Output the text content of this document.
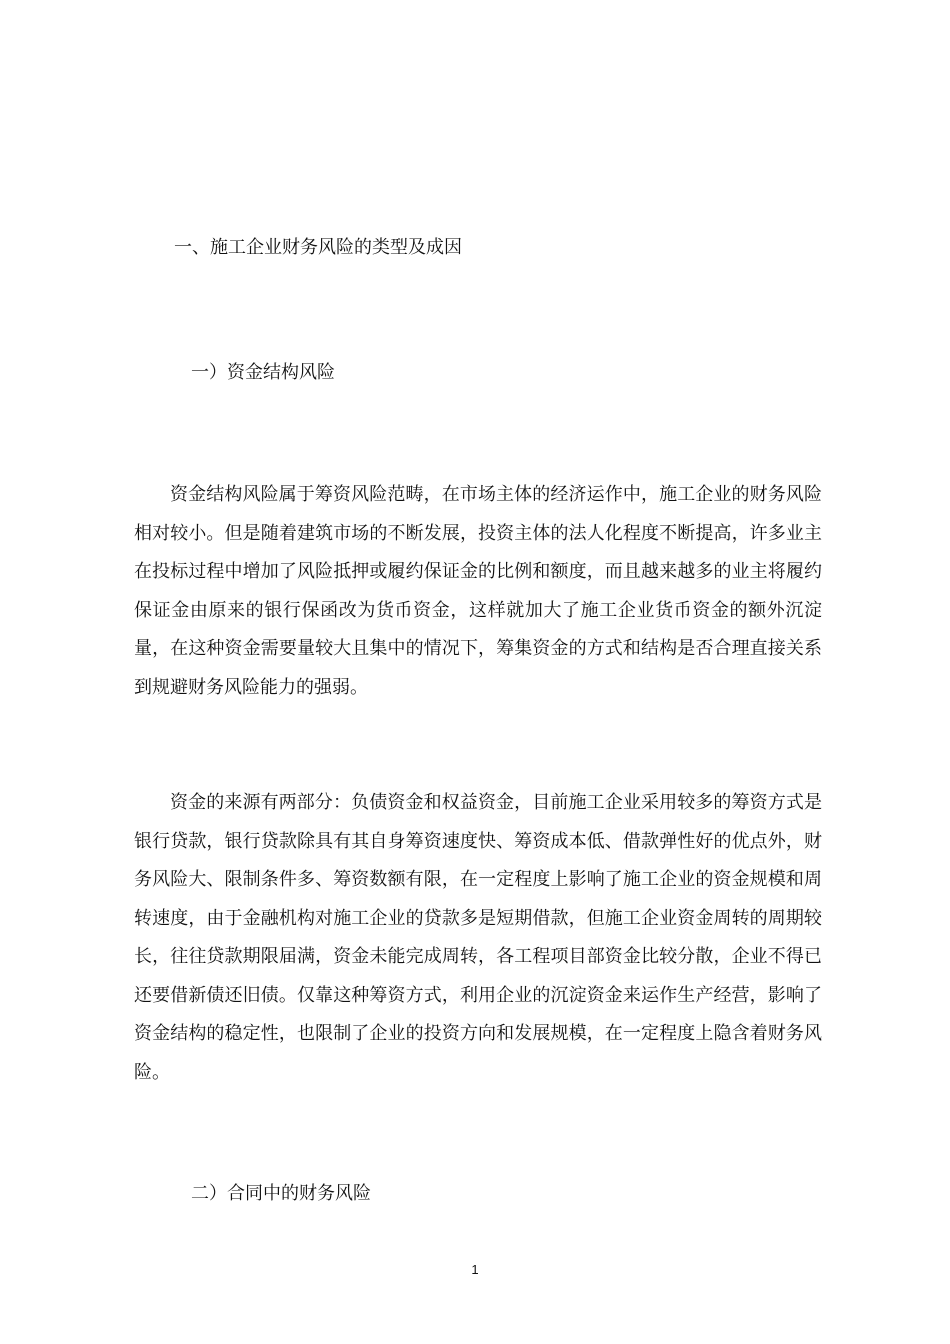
一、施工企业财务风险的类型及成因
一）资金结构风险

资金结构风险属于筹资风险范畴，在市场主体的经济运作中，施工企业的财务风险相对较小。但是随着建筑市场的不断发展，投资主体的法人化程度不断提高，许多业主在投标过程中增加了风险抵押或履约保证金的比例和额度，而且越来越多的业主将履约保证金由原来的银行保函改为货币资金，这样就加大了施工企业货币资金的额外沉淀量，在这种资金需要量较大且集中的情况下，筹集资金的方式和结构是否合理直接关系到规避财务风险能力的强弱。

资金的来源有两部分：负债资金和权益资金，目前施工企业采用较多的筹资方式是银行贷款，银行贷款除具有其自身筹资速度快、筹资成本低、借款弹性好的优点外，财务风险大、限制条件多、筹资数额有限，在一定程度上影响了施工企业的资金规模和周转速度，由于金融机构对施工企业的贷款多是短期借款，但施工企业资金周转的周期较长，往往贷款期限届满，资金未能完成周转，各工程项目部资金比较分散，企业不得已还要借新债还旧债。仅靠这种筹资方式，利用企业的沉淀资金来运作生产经营，影响了资金结构的稳定性，也限制了企业的投资方向和发展规模，在一定程度上隐含着财务风险。

二）合同中的财务风险
1
